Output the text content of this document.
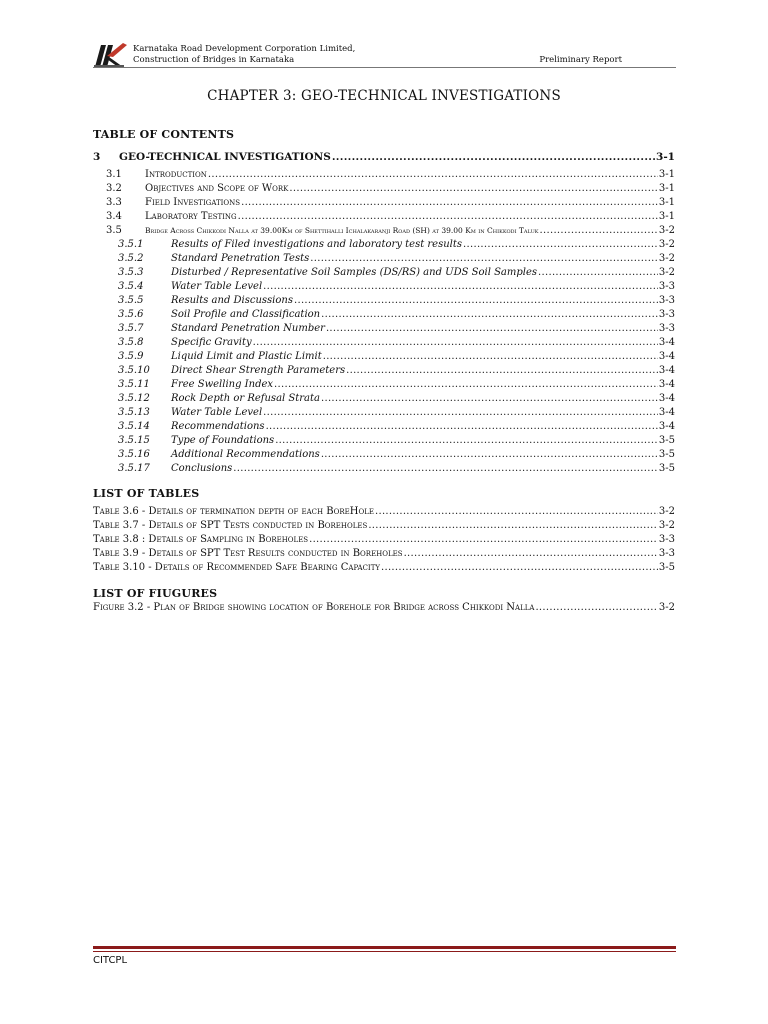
Karnataka Road Development Corporation Limited,
Construction of Bridges in Karnataka	Preliminary Report
CHAPTER 3: GEO-TECHNICAL INVESTIGATIONS
TABLE OF CONTENTS
3 GEO-TECHNICAL INVESTIGATIONS .....	3-1
3.1 Introduction .....	3-1
3.2 Objectives and Scope of Work .....	3-1
3.3 Field Investigations .....	3-1
3.4 Laboratory Testing .....	3-1
3.5	Bridge Across Chikkodi Nalla at 39.00Km of Shettihalli Ichalakaranji Road (SH) at 39.00 Km in Chikkodi Taluk .....	3-2
3.5.1	Results of Filed investigations and laboratory test results .....	3-2
3.5.2	Standard Penetration Tests .....	3-2
3.5.3	Disturbed / Representative Soil Samples (DS/RS) and UDS Soil Samples .....	3-2
3.5.4	Water Table Level .....	3-3
3.5.5	Results and Discussions .....	3-3
3.5.6	Soil Profile and Classification .....	3-3
3.5.7	Standard Penetration Number .....	3-3
3.5.8	Specific Gravity .....	3-4
3.5.9	Liquid Limit and Plastic Limit .....	3-4
3.5.10 Direct Shear Strength Parameters .....	3-4
3.5.11 Free Swelling Index .....	3-4
3.5.12 Rock Depth or Refusal Strata .....	3-4
3.5.13 Water Table Level .....	3-4
3.5.14 Recommendations .....	3-4
3.5.15 Type of Foundations .....	3-5
3.5.16 Additional Recommendations .....	3-5
3.5.17 Conclusions .....	3-5
LIST OF TABLES
Table 3.6 - Details of termination depth of each BoreHole .....	3-2
Table 3.7 - Details of SPT Tests conducted in Boreholes .....	3-2
Table 3.8 : Details of Sampling in Boreholes .....	3-3
Table 3.9 - Details of SPT Test Results conducted in Boreholes .....	3-3
Table 3.10 - Details of Recommended Safe Bearing Capacity .....	3-5
LIST OF FIUGURES
Figure 3.2 - Plan of Bridge showing location of Borehole for Bridge across Chikkodi Nalla .....	3-2
CITCPL
